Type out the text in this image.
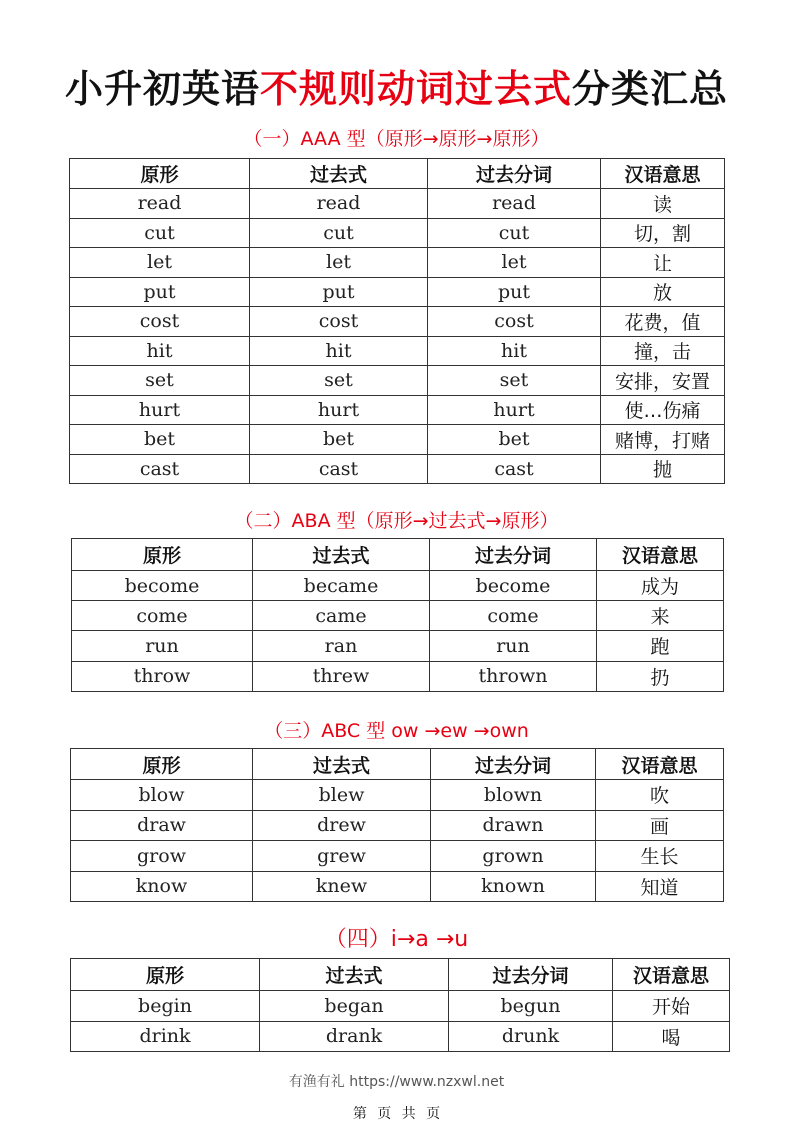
小升初英语不规则动词过去式分类汇总
（一）AAA 型（原形→原形→原形）
原形	过去式	过去分词	汉语意思
read	read	read	读
cut	cut	cut	切，割
let	let	let	让
put	put	put	放
cost	cost	cost	花费，值
hit	hit	hit	撞，击
set	set	set	安排，安置
hurt	hurt	hurt	使…伤痛
bet	bet	bet	赌博，打赌
cast	cast	cast	抛
（二）ABA 型（原形→过去式→原形）
原形	过去式	过去分词	汉语意思
become	became	become	成为
come	came	come	来
run	ran	run	跑
throw	threw	thrown	扔
（三）ABC 型 ow →ew →own
原形	过去式	过去分词	汉语意思
blow	blew	blown	吹
draw	drew	drawn	画
grow	grew	grown	生长
know	knew	known	知道
（四）i→a →u
原形	过去式	过去分词	汉语意思
begin	began	begun	开始
drink	drank	drunk	喝
有渔有礼 https://www.nzxwl.net
第 页 共 页
